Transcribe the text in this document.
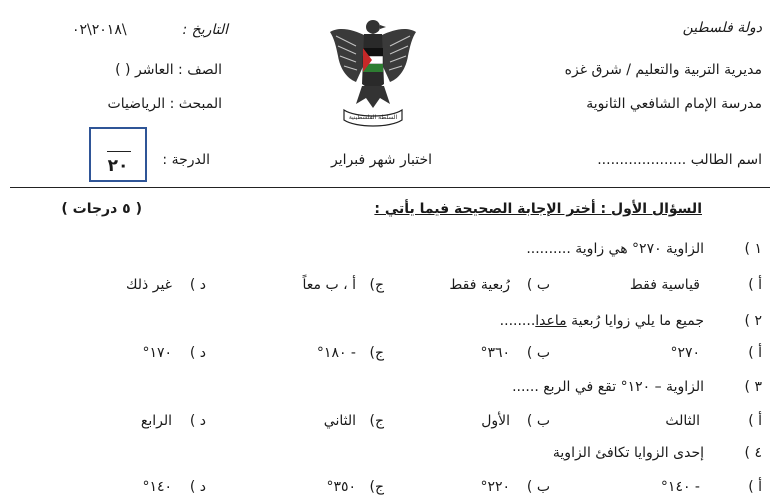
دولة فلسطين
مديرية التربية والتعليم / شرق غزه
مدرسة الإمام الشافعي الثانوية
اسم الطالب ....................
التاريخ :
٢٠١٨\٠٢\
الصف : العاشر ( )
المبحث : الرياضيات
الدرجة :
٢٠	اختبار شهر فبراير
السلطة الفلسطينية
السؤال الأول : أختر الإجابة الصحيحة فيما يأتي :
( ٥ درجات )
١ )
الزاوية ٢٧٠° هي زاوية ..........
أ )
قياسية فقط
ب )
رُبعية فقط
ج)
أ ، ب معاً
د )
غير ذلك
٢ )
جميع ما يلي زوايا رُبعية ماعدا........
أ )
٢٧٠°
ب )
٣٦٠°
ج)
- ١٨٠°
د )
١٧٠°
٣ )
الزاوية – ١٢٠° تقع في الربع ......
أ )
الثالث
ب )
الأول
ج)
الثاني
د )
الرابع
٤ )
إحدى الزوايا تكافئ الزاوية
أ )
- ١٤٠°
ب )
٢٢٠°
ج)
٣٥٠°
د )
١٤٠°
